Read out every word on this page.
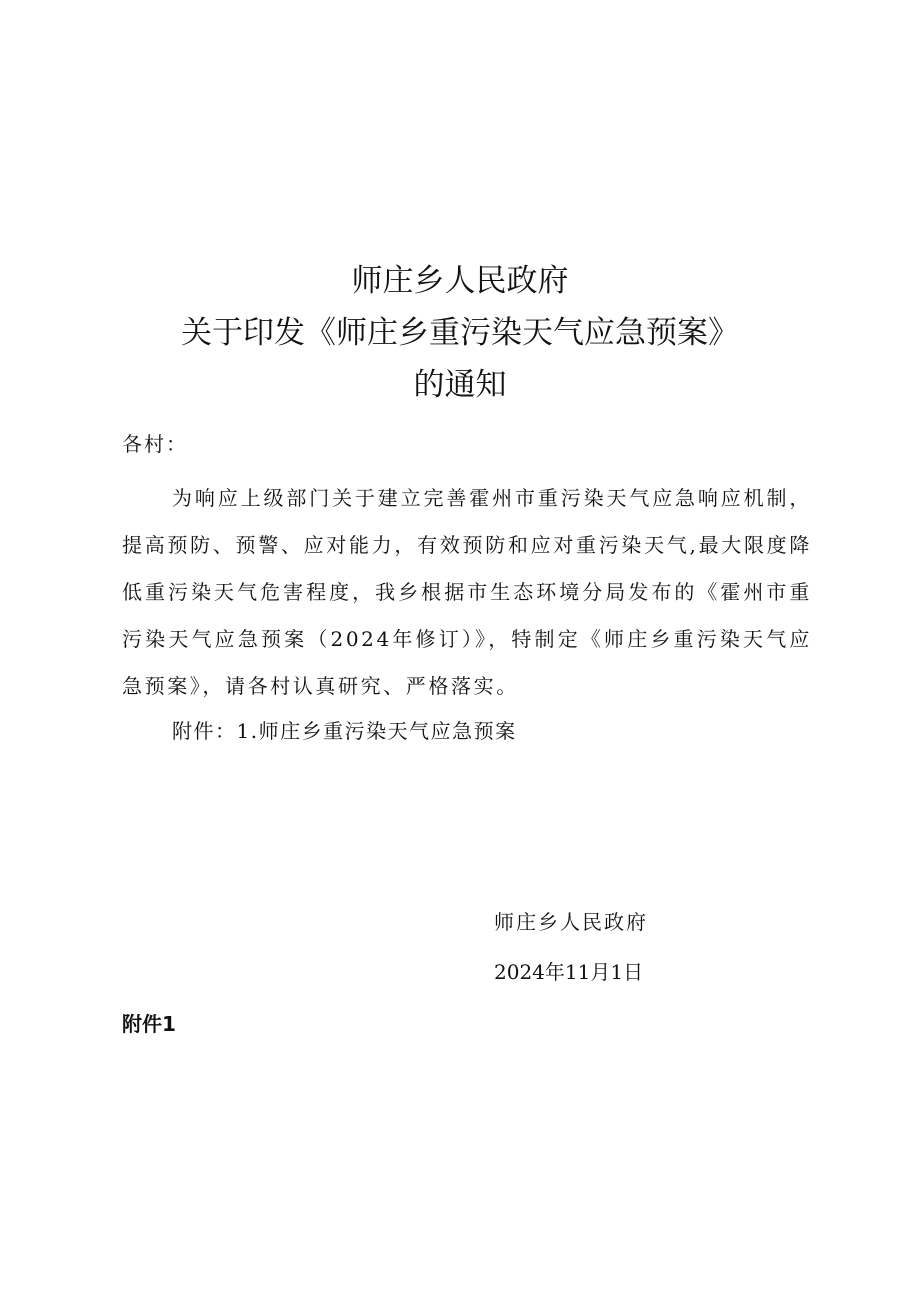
师庄乡人民政府
关于印发《师庄乡重污染天气应急预案》
的通知
各村：
为响应上级部门关于建立完善霍州市重污染天气应急响应机制，提高预防、预警、应对能力，有效预防和应对重污染天气,最大限度降低重污染天气危害程度，我乡根据市生态环境分局发布的《霍州市重污染天气应急预案（2024年修订）》，特制定《师庄乡重污染天气应急预案》，请各村认真研究、严格落实。
附件：1.师庄乡重污染天气应急预案
师庄乡人民政府
2024年11月1日
附件1
